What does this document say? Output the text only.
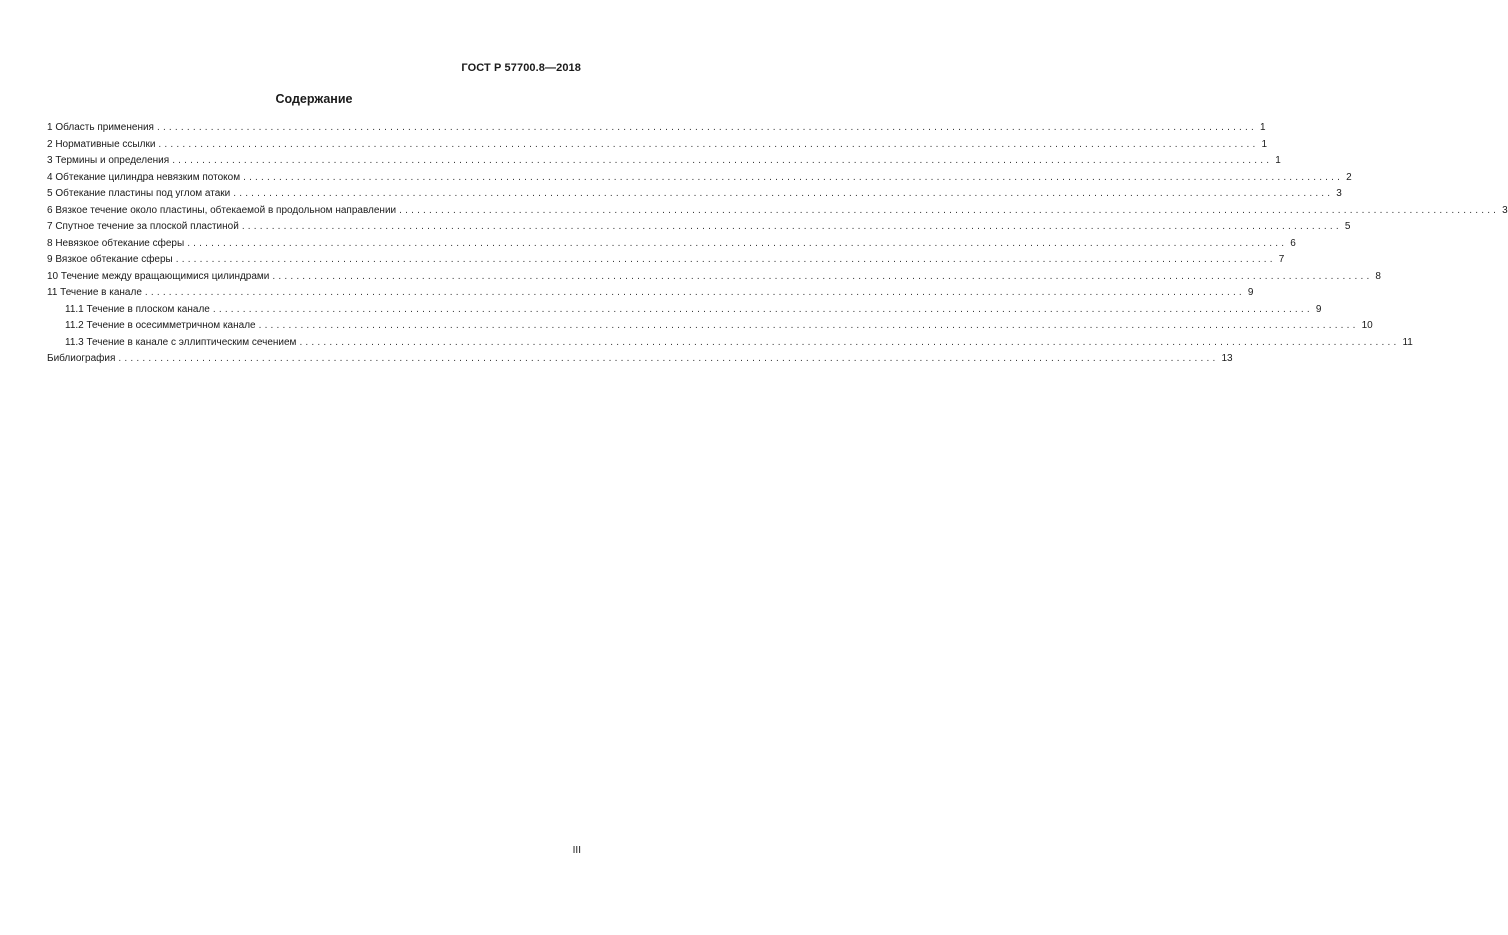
ГОСТ Р 57700.8—2018
Содержание
1 Область применения ........................................................................................................................................................................................ 1
2 Нормативные ссылки ........................................................................................................................................................................................ 1
3 Термины и определения ........................................................................................................................................................................................ 1
4 Обтекание цилиндра невязким потоком ........................................................................................................................................................................................ 2
5 Обтекание пластины под углом атаки ........................................................................................................................................................................................ 3
6 Вязкое течение около пластины, обтекаемой в продольном направлении ........................................................................................................................................................................................ 3
7 Спутное течение за плоской пластиной ........................................................................................................................................................................................ 5
8 Невязкое обтекание сферы ........................................................................................................................................................................................ 6
9 Вязкое обтекание сферы ........................................................................................................................................................................................ 7
10 Течение между вращающимися цилиндрами ........................................................................................................................................................................................ 8
11 Течение в канале ........................................................................................................................................................................................ 9
11.1 Течение в плоском канале ........................................................................................................................................................................................ 9
11.2 Течение в осесимметричном канале ........................................................................................................................................................................................ 10
11.3 Течение в канале с эллиптическим сечением ........................................................................................................................................................................................ 11
Библиография ........................................................................................................................................................................................ 13
III
